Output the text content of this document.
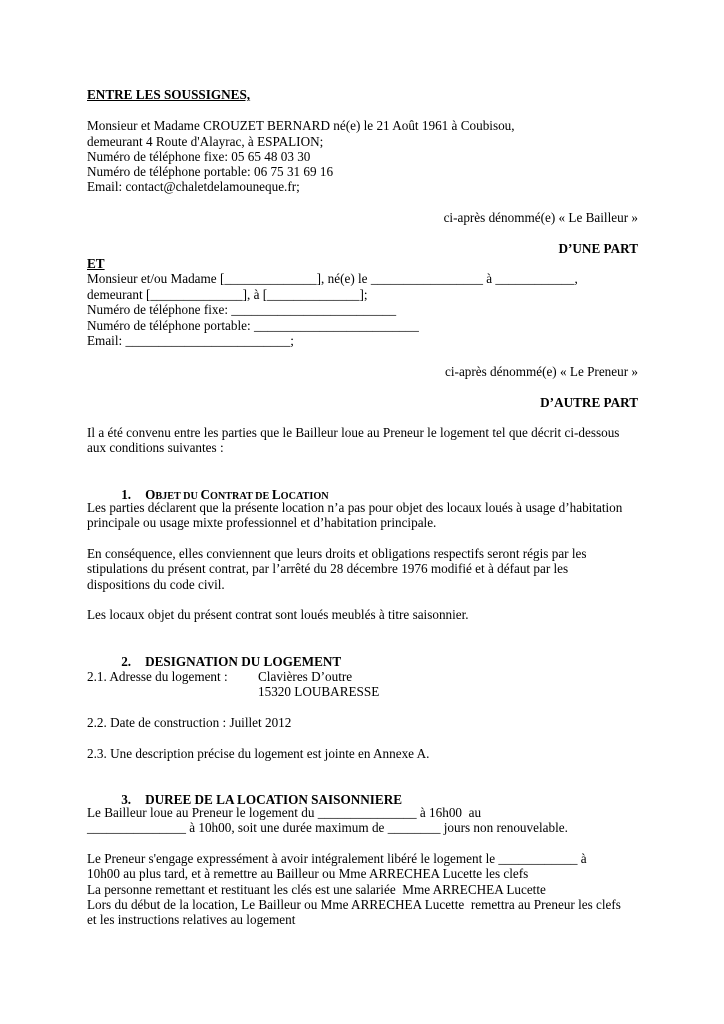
ENTRE LES SOUSSIGNES,
Monsieur et Madame CROUZET BERNARD né(e) le 21 Août 1961 à Coubisou,
demeurant 4 Route d'Alayrac, à ESPALION;
Numéro de téléphone fixe: 05 65 48 03 30
Numéro de téléphone portable: 06 75 31 69 16
Email: contact@chaletdelamouneque.fr;
ci-après dénommé(e) « Le Bailleur »
D’UNE PART
ET
Monsieur et/ou Madame [______________], né(e) le _________________ à ____________,
demeurant [______________], à [______________];
Numéro de téléphone fixe: _________________________
Numéro de téléphone portable: _________________________
Email: _________________________;
ci-après dénommé(e) « Le Preneur »
D’AUTRE PART
Il a été convenu entre les parties que le Bailleur loue au Preneur le logement tel que décrit ci-dessous
aux conditions suivantes :

1. OBJET DU CONTRAT DE LOCATION

Les parties déclarent que la présente location n’a pas pour objet des locaux loués à usage d’habitation
principale ou usage mixte professionnel et d’habitation principale.
En conséquence, elles conviennent que leurs droits et obligations respectifs seront régis par les
stipulations du présent contrat, par l’arrêté du 28 décembre 1976 modifié et à défaut par les
dispositions du code civil.
Les locaux objet du présent contrat sont loués meublés à titre saisonnier.

2. DESIGNATION DU LOGEMENT

2.1. Adresse du logement : Clavières D’outre
15320 LOUBARESSE
2.2. Date de construction : Juillet 2012
2.3. Une description précise du logement est jointe en Annexe A.

3. DUREE DE LA LOCATION SAISONNIERE

Le Bailleur loue au Preneur le logement du _______________ à 16h00  au
_______________ à 10h00, soit une durée maximum de ________ jours non renouvelable.
Le Preneur s'engage expressément à avoir intégralement libéré le logement le ____________ à
10h00 au plus tard, et à remettre au Bailleur ou Mme ARRECHEA Lucette les clefs
La personne remettant et restituant les clés est une salariée  Mme ARRECHEA Lucette
Lors du début de la location, Le Bailleur ou Mme ARRECHEA Lucette  remettra au Preneur les clefs
et les instructions relatives au logement
